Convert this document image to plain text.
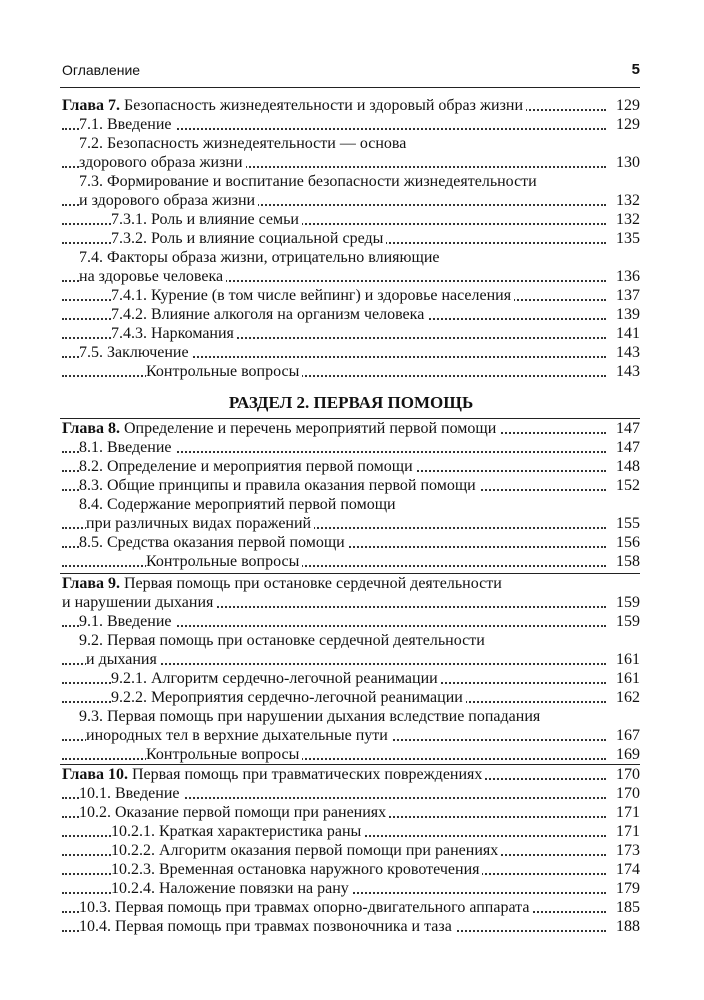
Оглавление	5
Глава 7. Безопасность жизнедеятельности и здоровый образ жизни	129
7.1. Введение	129
7.2. Безопасность жизнедеятельности — основа
здорового образа жизни	130
7.3. Формирование и воспитание безопасности жизнедеятельности
и здорового образа жизни	132
7.3.1. Роль и влияние семьи	132
7.3.2. Роль и влияние социальной среды	135
7.4. Факторы образа жизни, отрицательно влияющие
на здоровье человека	136
7.4.1. Курение (в том числе вейпинг) и здоровье населения	137
7.4.2. Влияние алкоголя на организм человека	139
7.4.3. Наркомания	141
7.5. Заключение	143
Контрольные вопросы	143
РАЗДЕЛ 2. ПЕРВАЯ ПОМОЩЬ
Глава 8. Определение и перечень мероприятий первой помощи	147
8.1. Введение	147
8.2. Определение и мероприятия первой помощи	148
8.3. Общие принципы и правила оказания первой помощи	152
8.4. Содержание мероприятий первой помощи
при различных видах поражений	155
8.5. Средства оказания первой помощи	156
Контрольные вопросы	158
Глава 9. Первая помощь при остановке сердечной деятельности
и нарушении дыхания	159
9.1. Введение	159
9.2. Первая помощь при остановке сердечной деятельности
и дыхания	161
9.2.1. Алгоритм сердечно-легочной реанимации	161
9.2.2. Мероприятия сердечно-легочной реанимации	162
9.3. Первая помощь при нарушении дыхания вследствие попадания
инородных тел в верхние дыхательные пути	167
Контрольные вопросы	169
Глава 10. Первая помощь при травматических повреждениях	170
10.1. Введение	170
10.2. Оказание первой помощи при ранениях	171
10.2.1. Краткая характеристика раны	171
10.2.2. Алгоритм оказания первой помощи при ранениях	173
10.2.3. Временная остановка наружного кровотечения	174
10.2.4. Наложение повязки на рану	179
10.3. Первая помощь при травмах опорно-двигательного аппарата	185
10.4. Первая помощь при травмах позвоночника и таза	188
